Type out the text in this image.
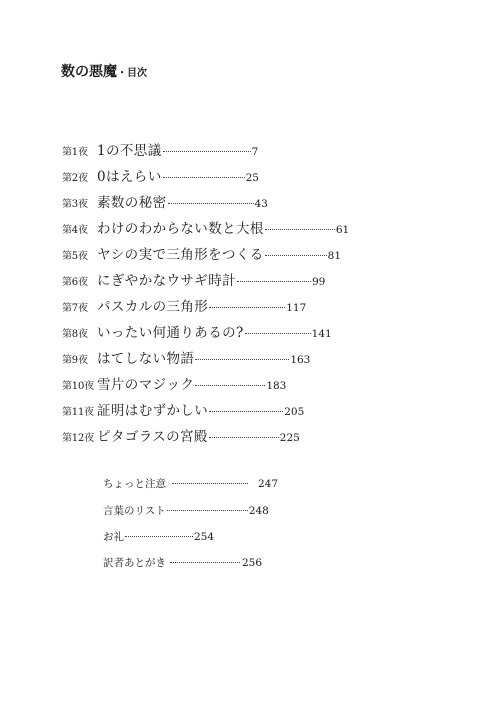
数の悪魔・目次
第1夜 1の不思議	7
第2夜 0はえらい	25
第3夜 素数の秘密	43
第4夜 わけのわからない数と大根	61
第5夜 ヤシの実で三角形をつくる	81
第6夜 にぎやかなウサギ時計	99
第7夜 パスカルの三角形	117
第8夜 いったい何通りあるの?	141
第9夜 はてしない物語	163
第10夜 雪片のマジック	183
第11夜 証明はむずかしい	205
第12夜 ピタゴラスの宮殿	225
ちょっと注意	247
言葉のリスト	248
お礼	254
訳者あとがき	256
